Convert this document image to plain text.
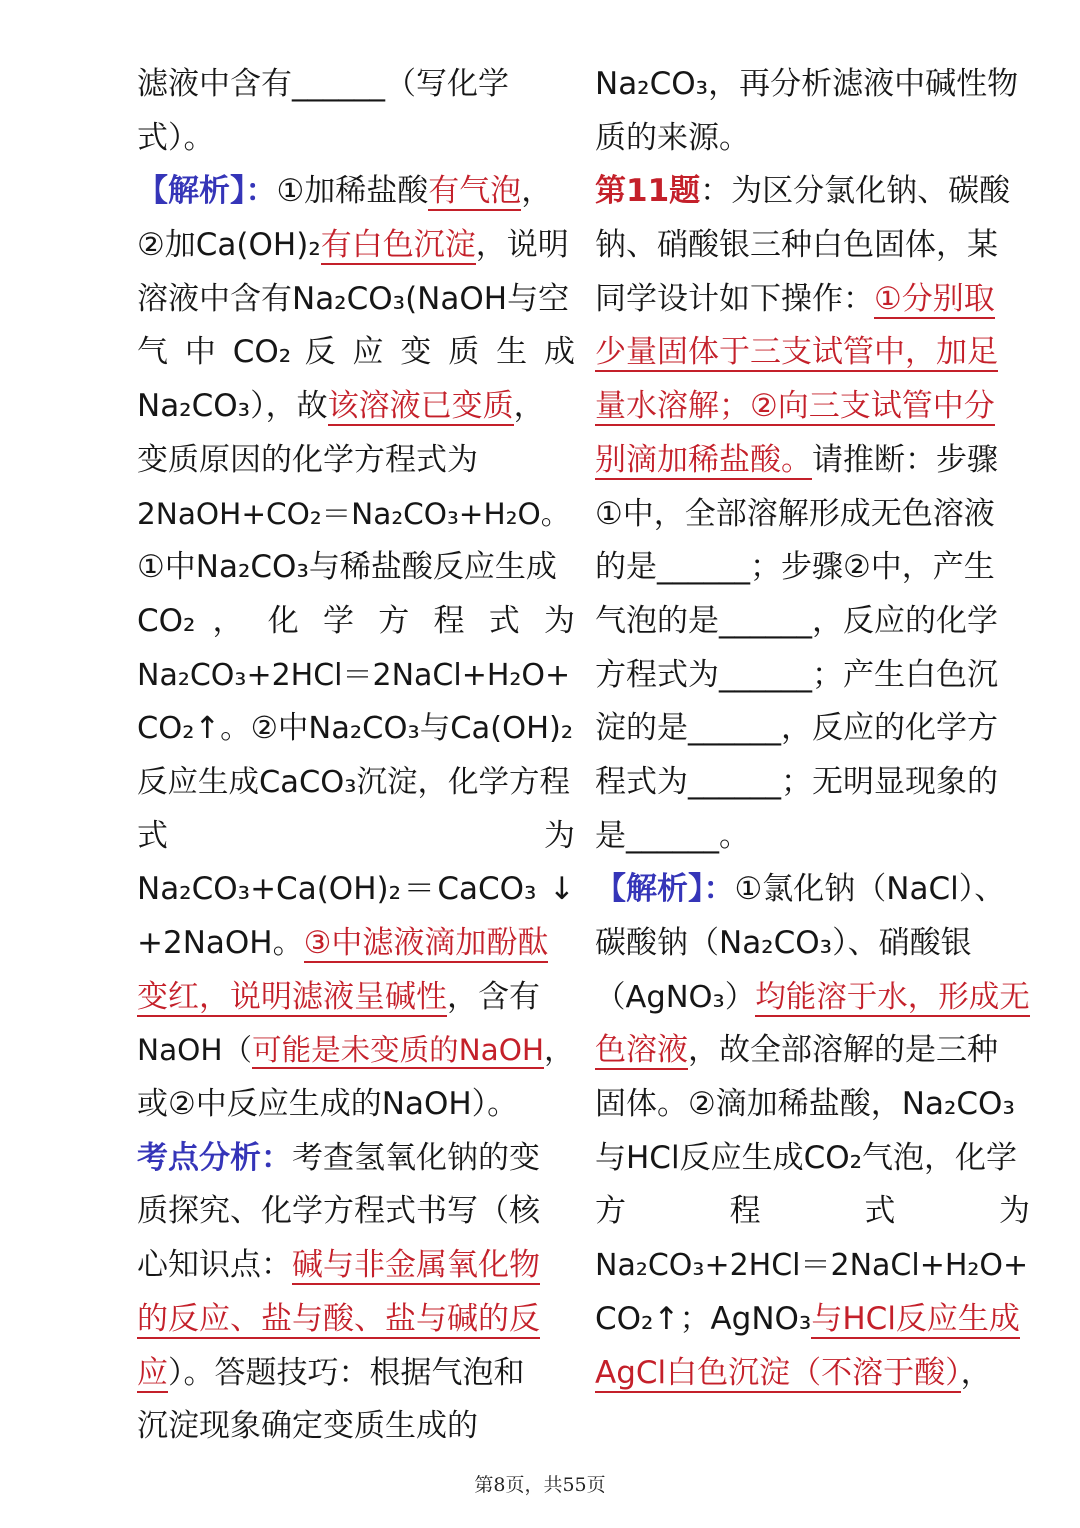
滤液中含有______（写化学
式）。
【解析】：①加稀盐酸有气泡，
②加Ca(OH)₂有白色沉淀，说明
溶液中含有Na₂CO₃(NaOH与空
气 中 CO₂ 反 应 变 质 生 成
Na₂CO₃），故该溶液已变质，
变质原因的化学方程式为
2NaOH+CO₂＝Na₂CO₃+H₂O。
①中Na₂CO₃与稀盐酸反应生成
CO₂ ， 化 学 方 程 式 为
Na₂CO₃+2HCl＝2NaCl+H₂O+
CO₂↑。②中Na₂CO₃与Ca(OH)₂
反应生成CaCO₃沉淀，化学方程
式 为
Na₂CO₃+Ca(OH)₂＝CaCO₃ ↓
+2NaOH。③中滤液滴加酚酞
变红，说明滤液呈碱性，含有
NaOH（可能是未变质的NaOH，
或②中反应生成的NaOH）。
考点分析：考查氢氧化钠的变
质探究、化学方程式书写（核
心知识点：碱与非金属氧化物
的反应、盐与酸、盐与碱的反
应）。答题技巧：根据气泡和
沉淀现象确定变质生成的
Na₂CO₃，再分析滤液中碱性物
质的来源。
第11题：为区分氯化钠、碳酸
钠、硝酸银三种白色固体，某
同学设计如下操作：①分别取
少量固体于三支试管中，加足
量水溶解；②向三支试管中分
别滴加稀盐酸。请推断：步骤
①中，全部溶解形成无色溶液
的是______；步骤②中，产生
气泡的是______，反应的化学
方程式为______；产生白色沉
淀的是______，反应的化学方
程式为______；无明显现象的
是______。
【解析】：①氯化钠（NaCl）、
碳酸钠（Na₂CO₃）、硝酸银
（AgNO₃）均能溶于水，形成无
色溶液，故全部溶解的是三种
固体。②滴加稀盐酸，Na₂CO₃
与HCl反应生成CO₂气泡，化学
方 程 式 为
Na₂CO₃+2HCl＝2NaCl+H₂O+
CO₂↑；AgNO₃与HCl反应生成
AgCl白色沉淀（不溶于酸），
第8页，共55页
